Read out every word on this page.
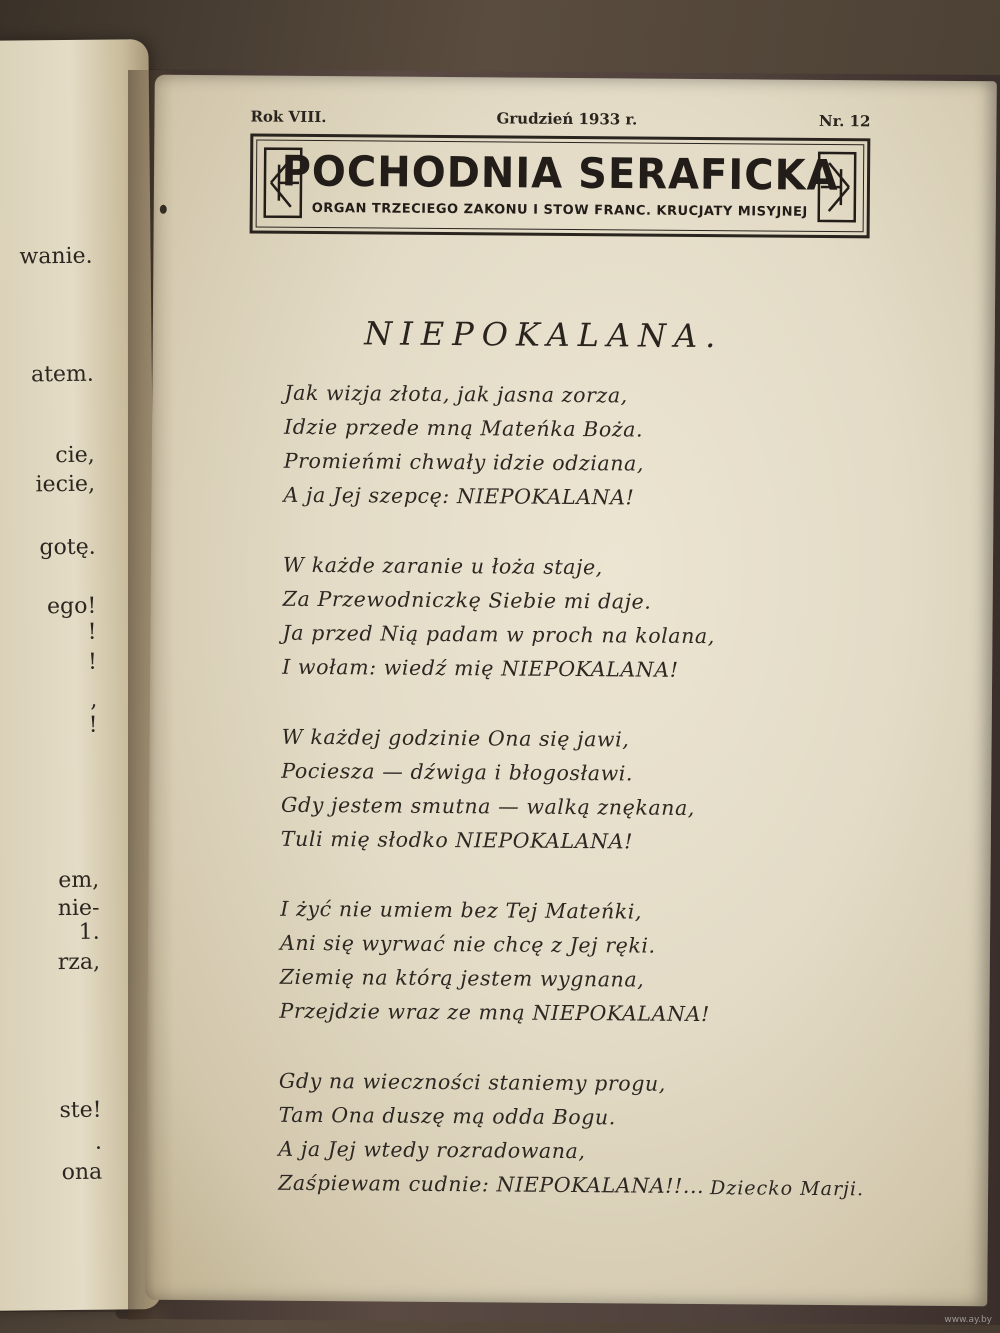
wanie.
atem.
cie,
iecie,
gotę.
ego!
!
!
,
!
em,
nie-
1.
rza,
ste!
.
ona
Rok VIII.	Grudzień 1933 r.	Nr. 12
POCHODNIA SERAFICKA
ORGAN TRZECIEGO ZAKONU I STOW FRANC. KRUCJATY MISYJNEJ
NIEPOKALANA.
Jak wizja złota, jak jasna zorza,
Idzie przede mną Mateńka Boża.
Promieńmi chwały idzie odziana,
A ja Jej szepcę: NIEPOKALANA!
W każde zaranie u łoża staje,
Za Przewodniczkę Siebie mi daje.
Ja przed Nią padam w proch na kolana,
I wołam: wiedź mię NIEPOKALANA!
W każdej godzinie Ona się jawi,
Pociesza — dźwiga i błogosławi.
Gdy jestem smutna — walką znękana,
Tuli mię słodko NIEPOKALANA!
I żyć nie umiem bez Tej Mateńki,
Ani się wyrwać nie chcę z Jej ręki.
Ziemię na którą jestem wygnana,
Przejdzie wraz ze mną NIEPOKALANA!
Gdy na wieczności staniemy progu,
Tam Ona duszę mą odda Bogu.
A ja Jej wtedy rozradowana,
Zaśpiewam cudnie: NIEPOKALANA!!... Dziecko Marji.
www.ay.by
